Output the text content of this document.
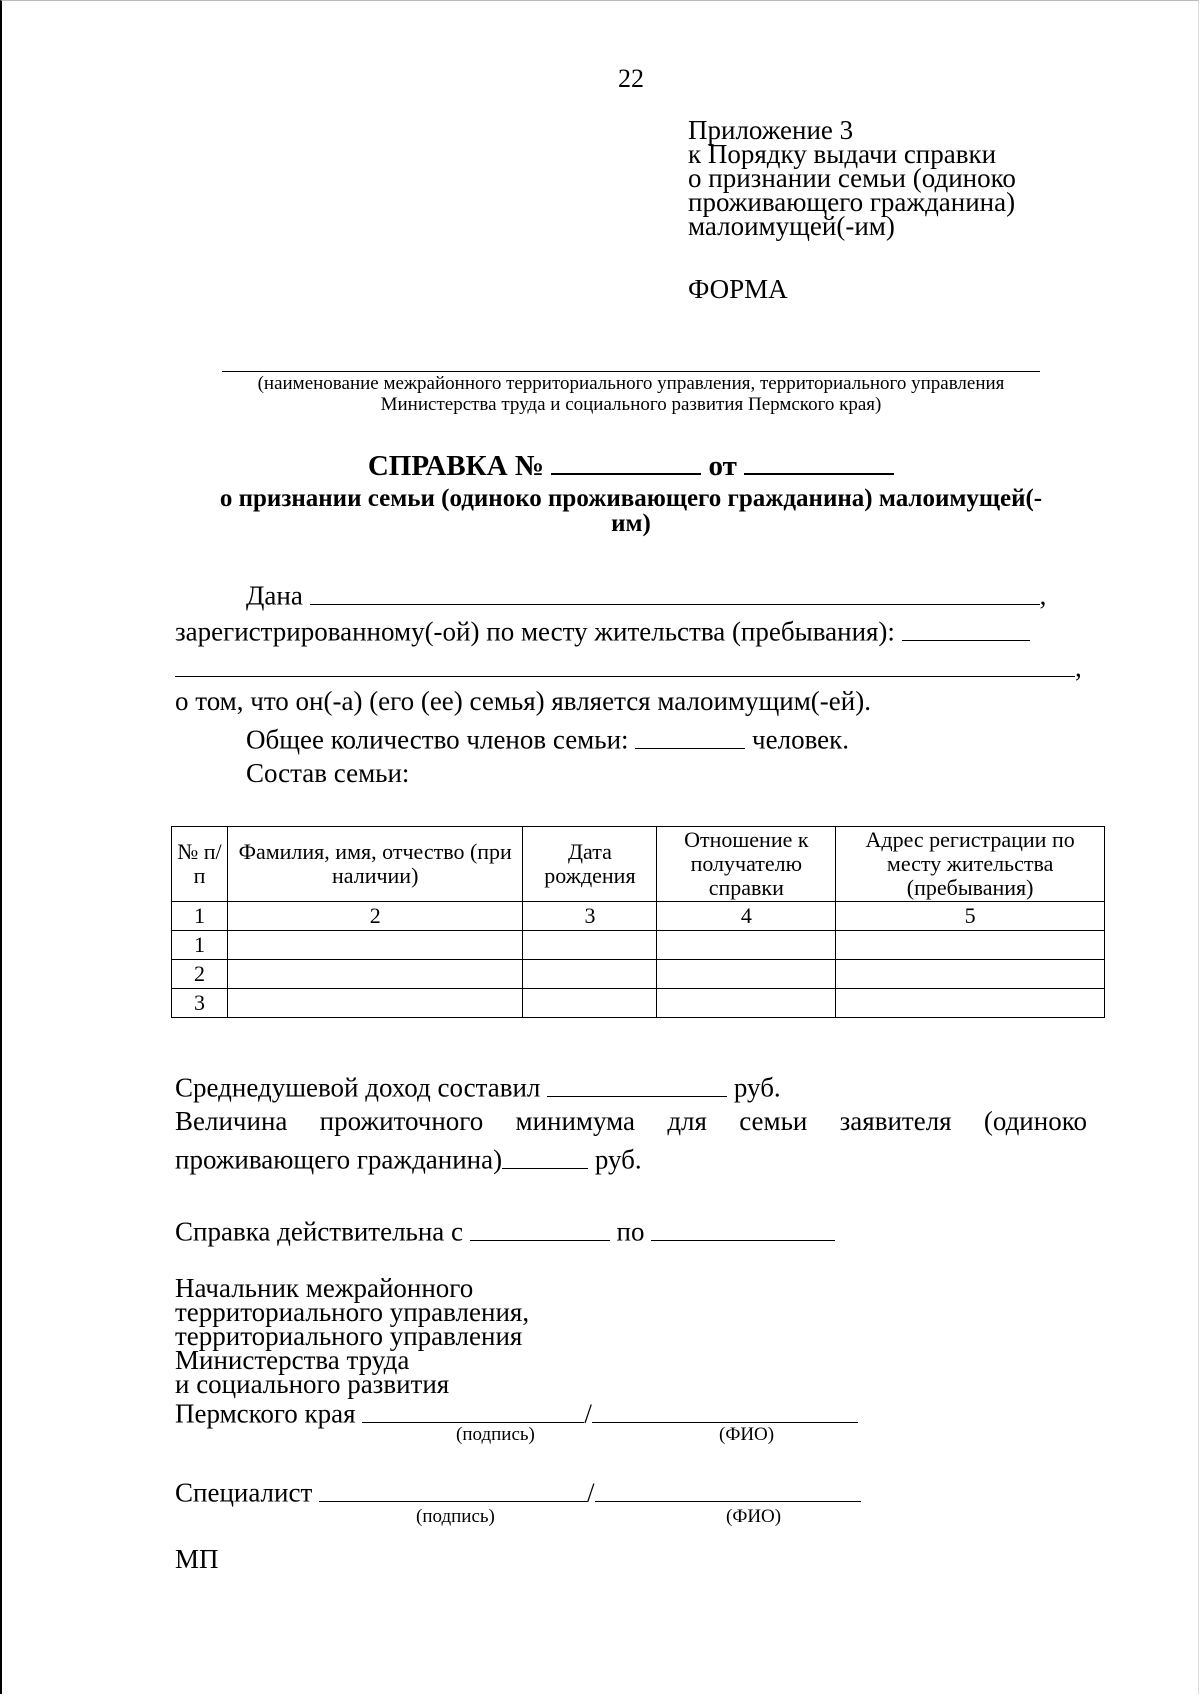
22
Приложение 3
к Порядку выдачи справки
о признании семьи (одиноко
проживающего гражданина)
малоимущей(-им)
ФОРМА
(наименование межрайонного территориального управления, территориального управления Министерства труда и социального развития Пермского края)
СПРАВКА №	от
о признании семьи (одиноко проживающего гражданина) малоимущей(-им)
Дана	,
зарегистрированному(-ой) по месту жительства (пребывания):
,
о том, что он(-а) (его (ее) семья) является малоимущим(-ей).
Общее количество членов семьи:	человек.
Состав семьи:
№ п/п	Фамилия, имя, отчество (при наличии)	Дата рождения	Отношение к получателю справки	Адрес регистрации по месту жительства (пребывания)
1	2	3	4	5
1				
2				
3				
Среднедушевой доход составил	руб.
Величина прожиточного минимума для семьи заявителя (одиноко
проживающего гражданина)	руб.
Справка действительна с	по
Начальник межрайонного
территориального управления,
территориального управления
Министерства труда
и социального развития
Пермского края	/
(подпись)	(ФИО)
Специалист	/
(подпись)	(ФИО)
МП
